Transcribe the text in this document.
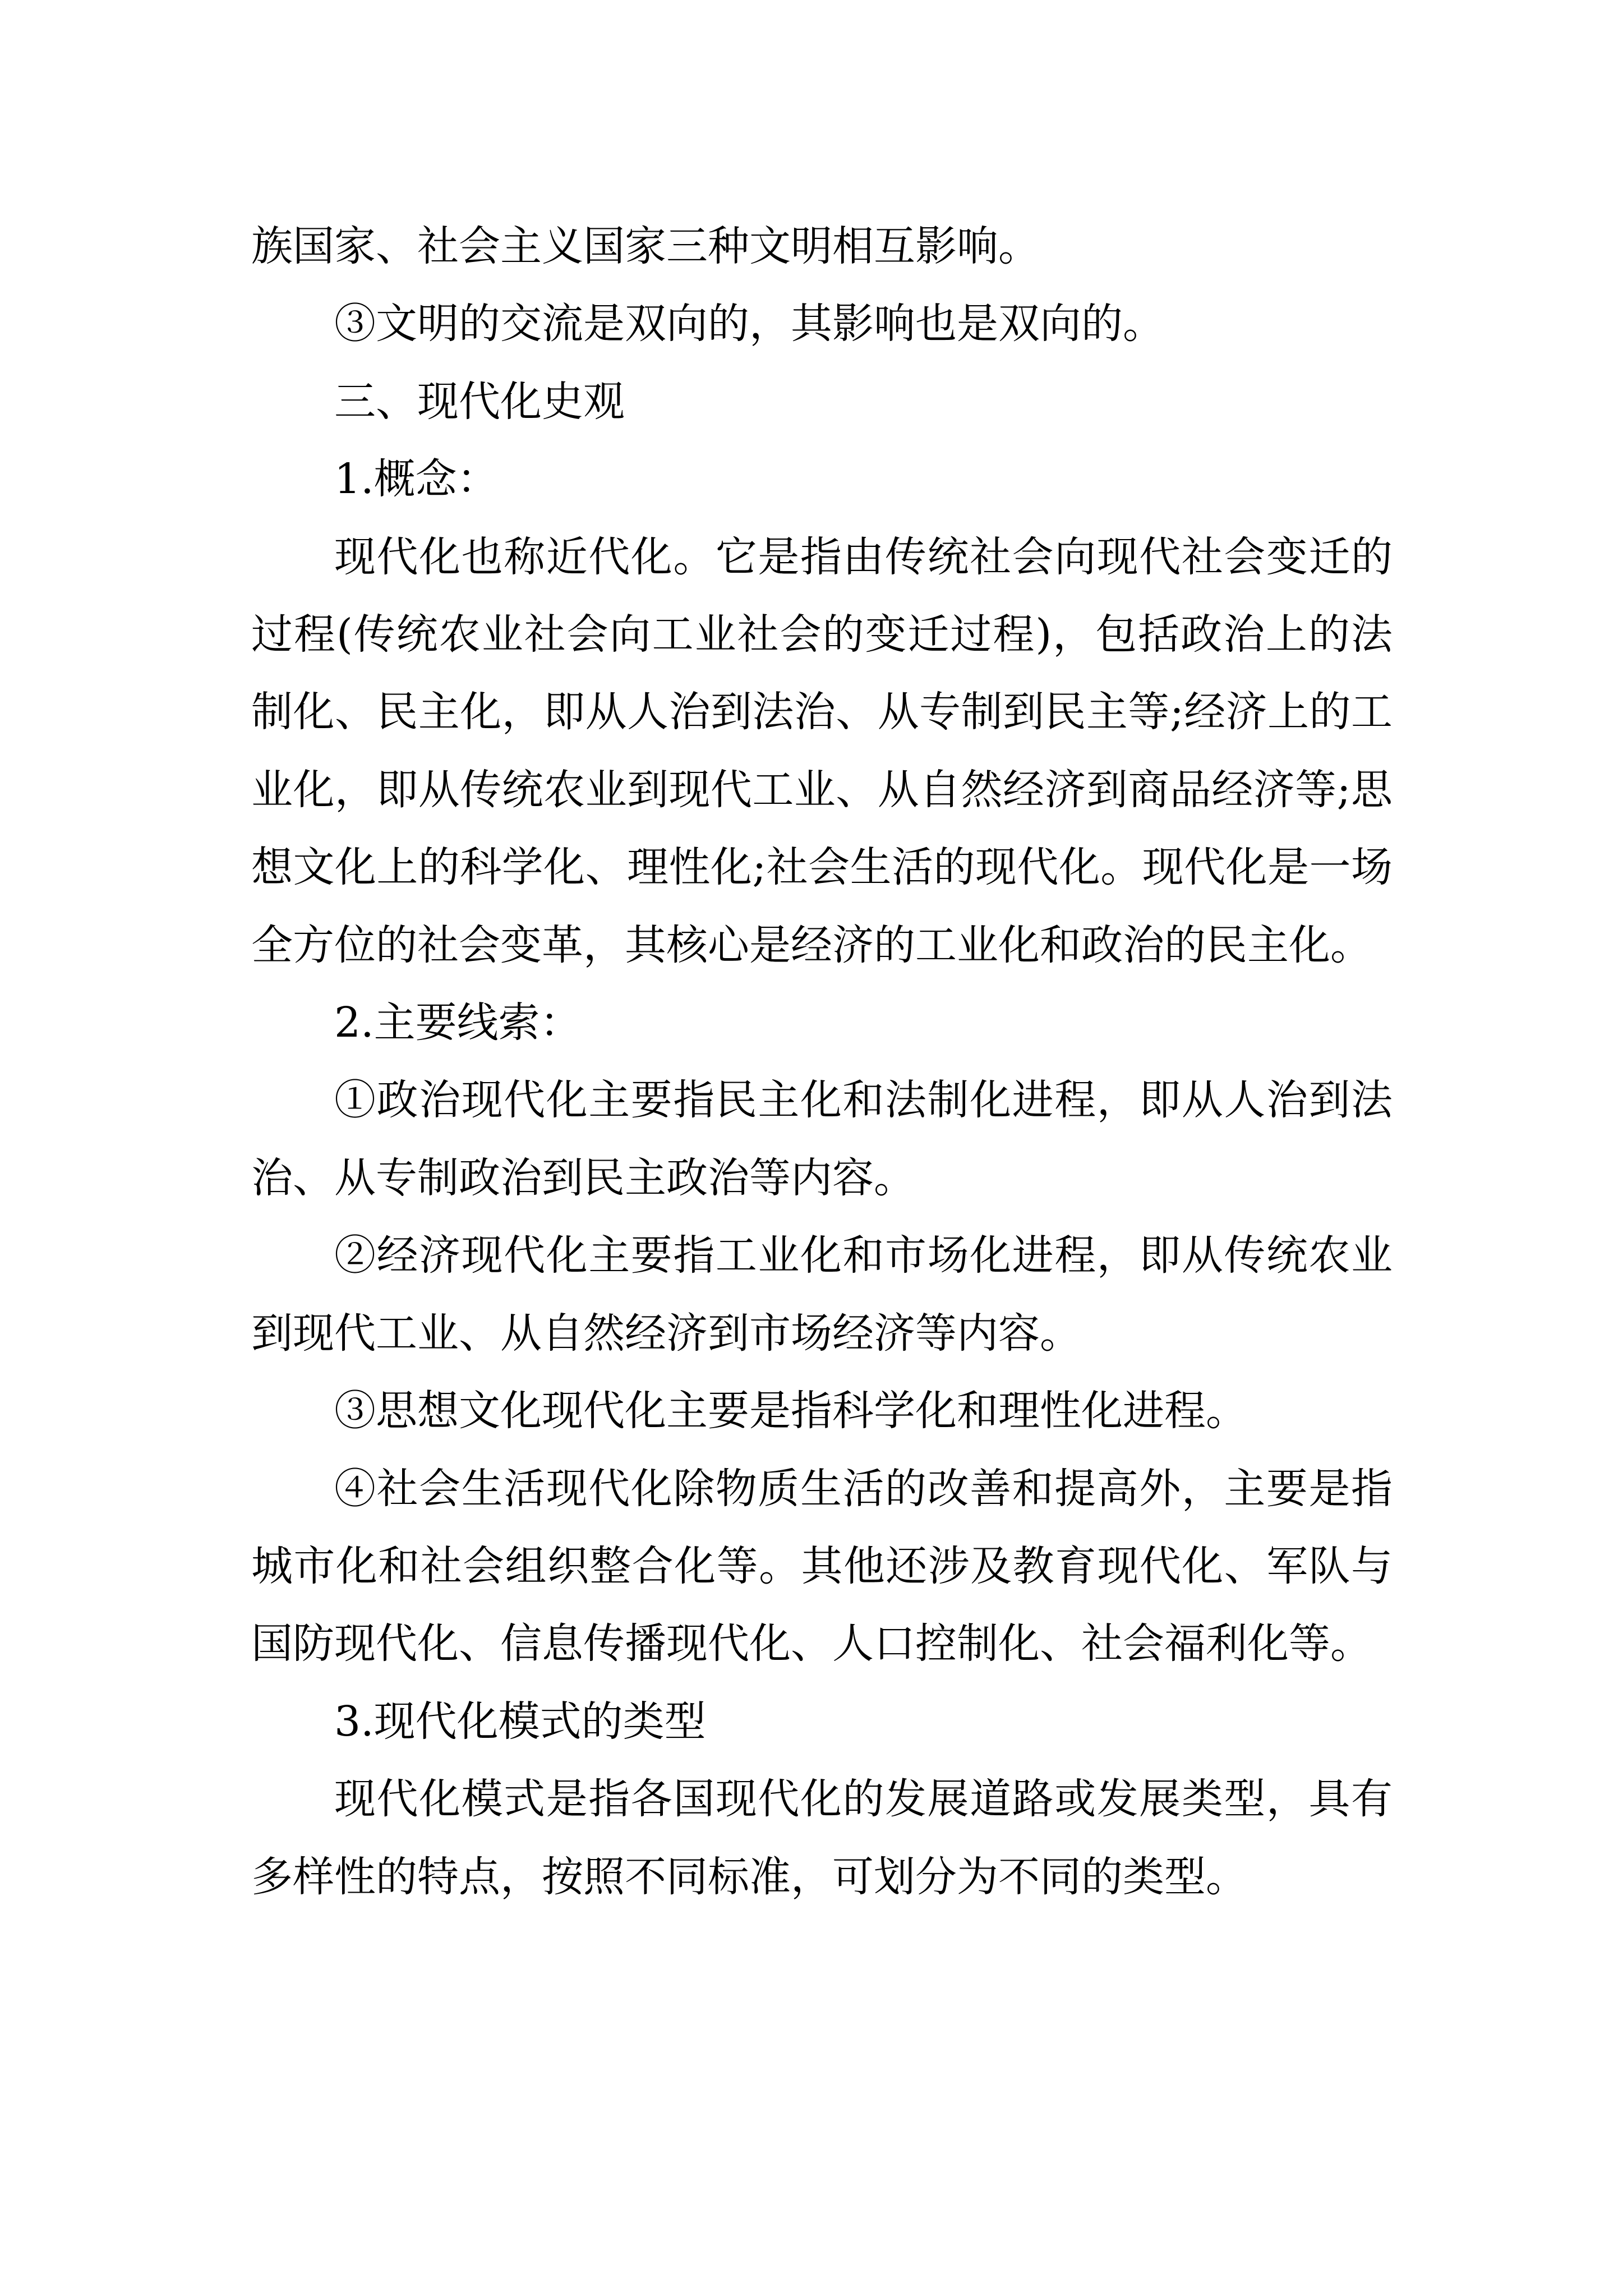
族国家、社会主义国家三种文明相互影响。

③文明的交流是双向的，其影响也是双向的。

三、现代化史观

1.概念：

现代化也称近代化。它是指由传统社会向现代社会变迁的过程(传统农业社会向工业社会的变迁过程)，包括政治上的法制化、民主化，即从人治到法治、从专制到民主等;经济上的工业化，即从传统农业到现代工业、从自然经济到商品经济等;思想文化上的科学化、理性化;社会生活的现代化。现代化是一场全方位的社会变革，其核心是经济的工业化和政治的民主化。

2.主要线索：

①政治现代化主要指民主化和法制化进程，即从人治到法治、从专制政治到民主政治等内容。

②经济现代化主要指工业化和市场化进程，即从传统农业到现代工业、从自然经济到市场经济等内容。

③思想文化现代化主要是指科学化和理性化进程。

④社会生活现代化除物质生活的改善和提高外，主要是指城市化和社会组织整合化等。其他还涉及教育现代化、军队与国防现代化、信息传播现代化、人口控制化、社会福利化等。

3.现代化模式的类型

现代化模式是指各国现代化的发展道路或发展类型，具有多样性的特点，按照不同标准，可划分为不同的类型。
